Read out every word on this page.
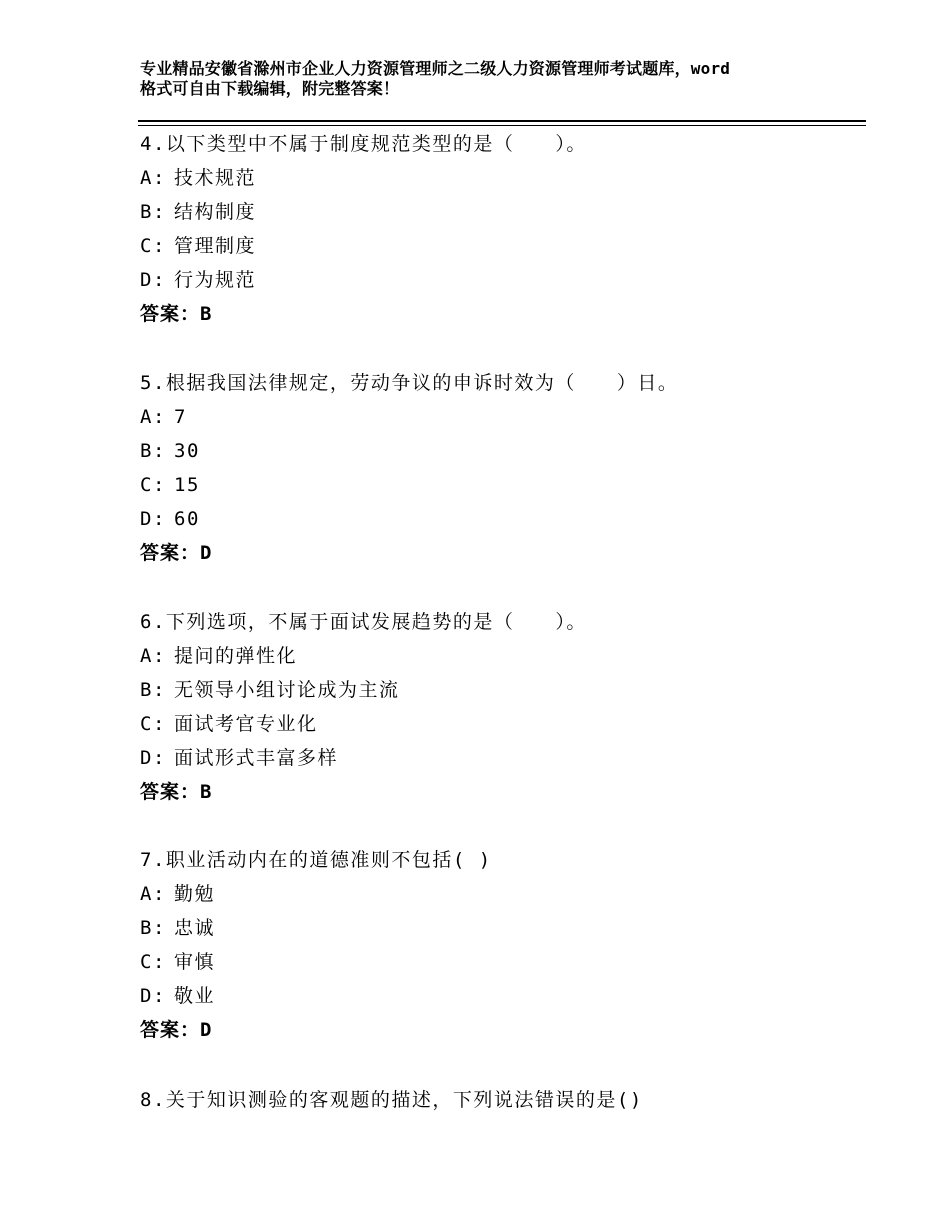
专业精品安徽省滁州市企业人力资源管理师之二级人力资源管理师考试题库，word
格式可自由下载编辑，附完整答案！
4.以下类型中不属于制度规范类型的是（　　）。
A: 技术规范
B: 结构制度
C: 管理制度
D: 行为规范
答案：B
5.根据我国法律规定，劳动争议的申诉时效为（　　）日。
A: 7
B: 30
C: 15
D: 60
答案：D
6.下列选项，不属于面试发展趋势的是（　　）。
A: 提问的弹性化
B: 无领导小组讨论成为主流
C: 面试考官专业化
D: 面试形式丰富多样
答案：B
7.职业活动内在的道德准则不包括( )
A: 勤勉
B: 忠诚
C: 审慎
D: 敬业
答案：D
8.关于知识测验的客观题的描述，下列说法错误的是()
